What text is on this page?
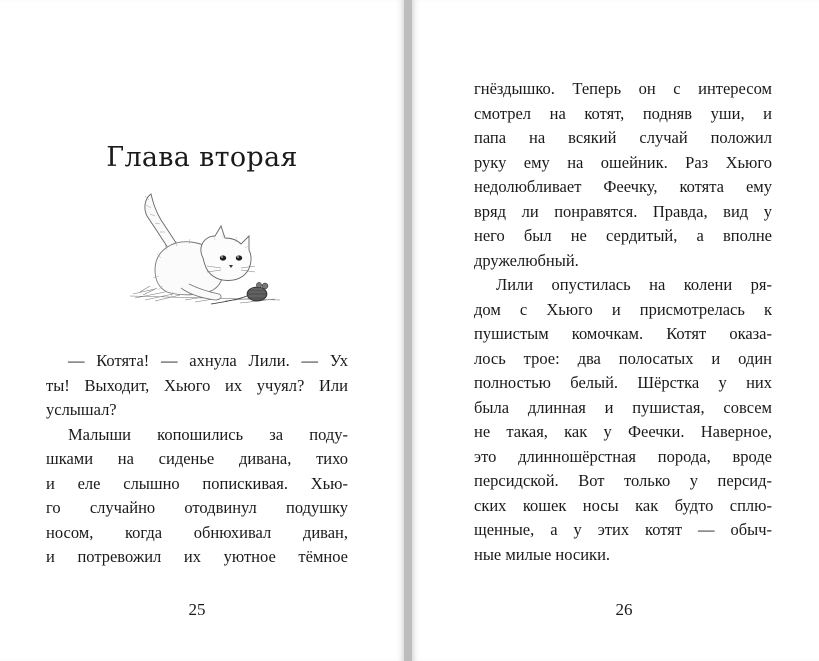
Глава вторая
— Котята! — ахнула Лили. — Ух
ты! Выходит, Хьюго их учуял? Или
услышал?
Малыши копошились за поду-
шками на сиденье дивана, тихо
и еле слышно попискивая. Хью-
го случайно отодвинул подушку
носом, когда обнюхивал диван,
и потревожил их уютное тёмное
25
гнёздышко. Теперь он с интересом
смотрел на котят, подняв уши, и
папа на всякий случай положил
руку ему на ошейник. Раз Хьюго
недолюбливает Феечку, котята ему
вряд ли понравятся. Правда, вид у
него был не сердитый, а вполне
дружелюбный.
Лили опустилась на колени ря-
дом с Хьюго и присмотрелась к
пушистым комочкам. Котят оказа-
лось трое: два полосатых и один
полностью белый. Шёрстка у них
была длинная и пушистая, совсем
не такая, как у Феечки. Наверное,
это длинношёрстная порода, вроде
персидской. Вот только у персид-
ских кошек носы как будто сплю-
щенные, а у этих котят — обыч-
ные милые носики.
26
